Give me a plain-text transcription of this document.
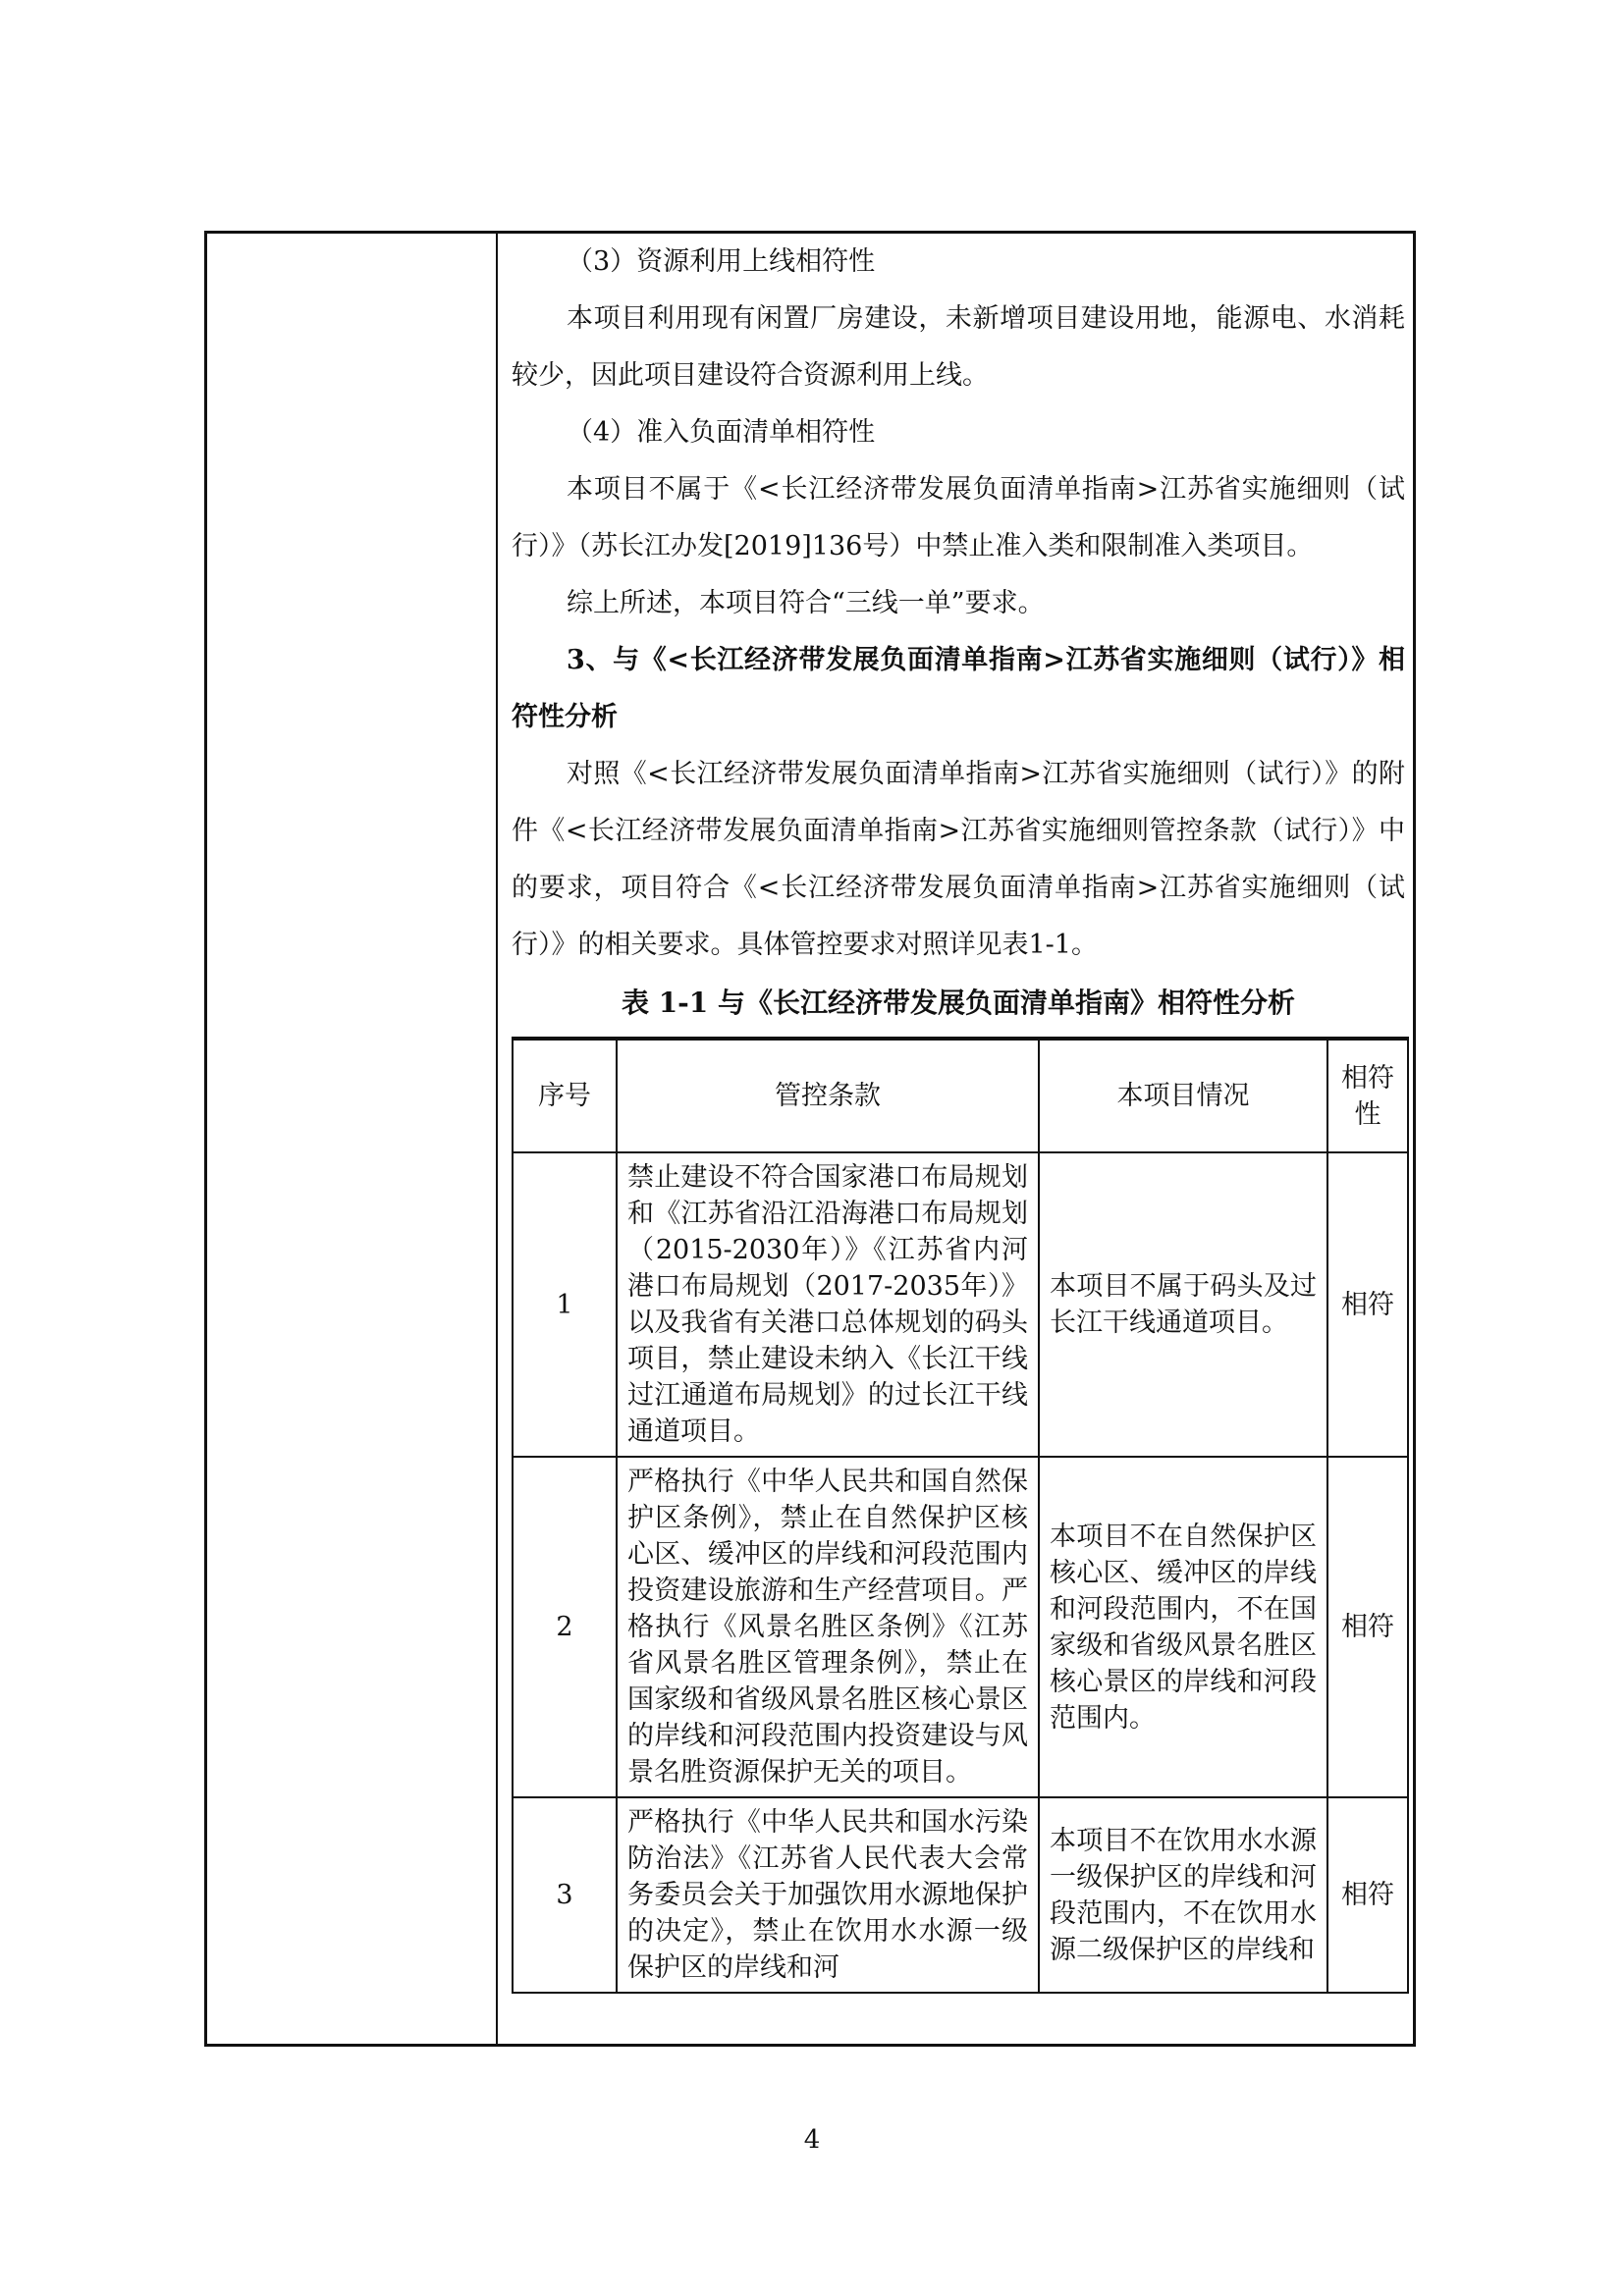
（3）资源利用上线相符性

本项目利用现有闲置厂房建设，未新增项目建设用地，能源电、水消耗较少，因此项目建设符合资源利用上线。

（4）准入负面清单相符性

本项目不属于《<长江经济带发展负面清单指南>江苏省实施细则（试行）》（苏长江办发[2019]136号）中禁止准入类和限制准入类项目。

综上所述，本项目符合“三线一单”要求。

3、与《<长江经济带发展负面清单指南>江苏省实施细则（试行）》相符性分析

对照《<长江经济带发展负面清单指南>江苏省实施细则（试行）》的附件《<长江经济带发展负面清单指南>江苏省实施细则管控条款（试行）》中的要求，项目符合《<长江经济带发展负面清单指南>江苏省实施细则（试行）》的相关要求。具体管控要求对照详见表1-1。

表 1-1 与《长江经济带发展负面清单指南》相符性分析

序号	管控条款	本项目情况	相符性
1	禁止建设不符合国家港口布局规划和《江苏省沿江沿海港口布局规划（2015-2030年）》《江苏省内河港口布局规划（2017-2035年）》以及我省有关港口总体规划的码头项目，禁止建设未纳入《长江干线过江通道布局规划》的过长江干线通道项目。	本项目不属于码头及过长江干线通道项目。	相符
2	严格执行《中华人民共和国自然保护区条例》，禁止在自然保护区核心区、缓冲区的岸线和河段范围内投资建设旅游和生产经营项目。严格执行《风景名胜区条例》《江苏省风景名胜区管理条例》，禁止在国家级和省级风景名胜区核心景区的岸线和河段范围内投资建设与风景名胜资源保护无关的项目。	本项目不在自然保护区核心区、缓冲区的岸线和河段范围内，不在国家级和省级风景名胜区核心景区的岸线和河段范围内。	相符
3	严格执行《中华人民共和国水污染防治法》《江苏省人民代表大会常务委员会关于加强饮用水源地保护的决定》，禁止在饮用水水源一级保护区的岸线和河	本项目不在饮用水水源一级保护区的岸线和河段范围内，不在饮用水源二级保护区的岸线和	相符
4
